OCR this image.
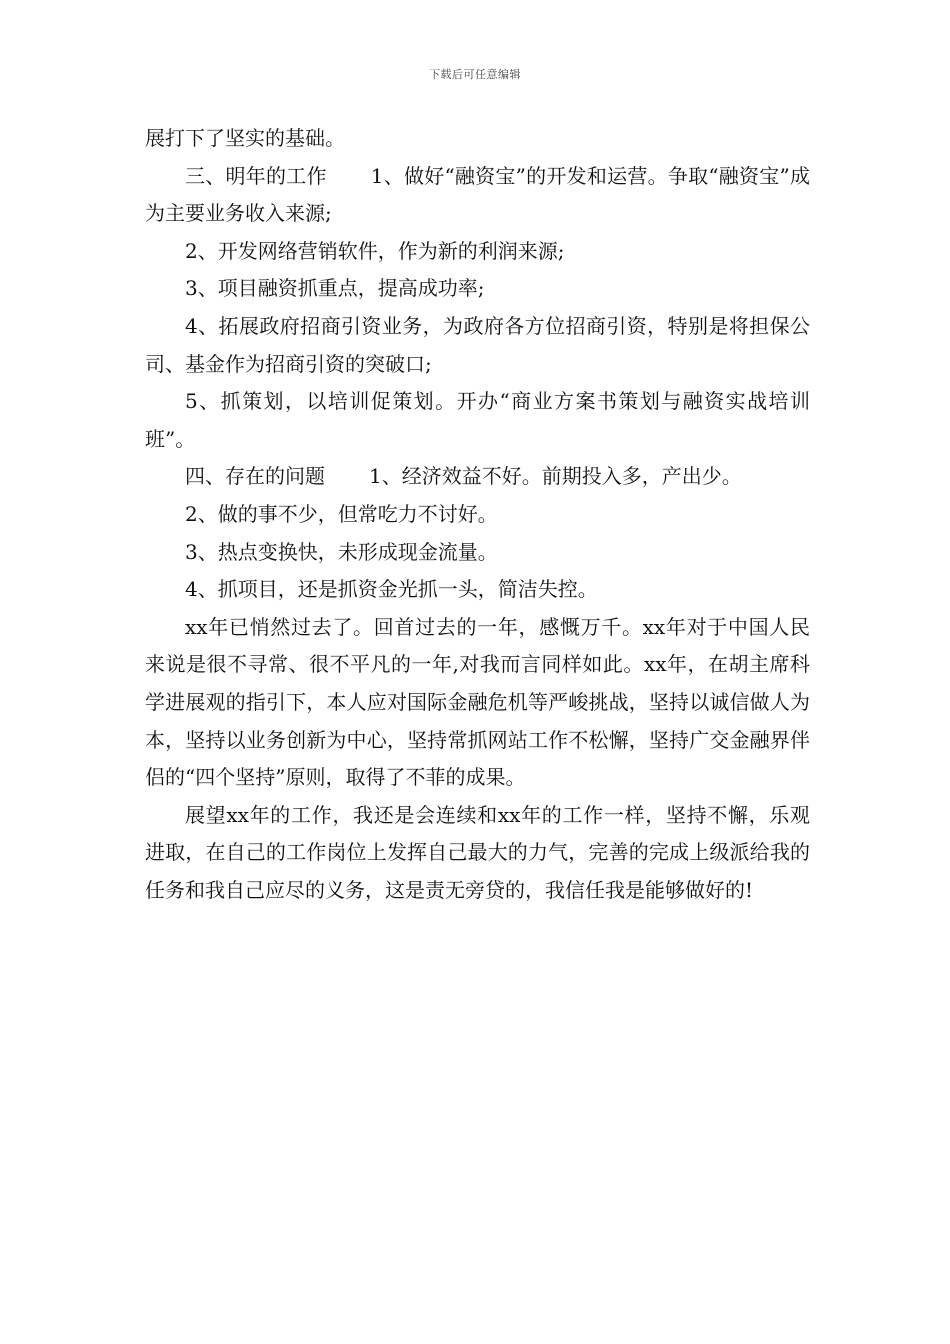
下载后可任意编辑

展打下了坚实的基础。

三、明年的工作 1、做好“融资宝”的开发和运营。争取“融资宝”成为主要业务收入来源;

2、开发网络营销软件，作为新的利润来源;

3、项目融资抓重点，提高成功率;

4、拓展政府招商引资业务，为政府各方位招商引资，特别是将担保公司、基金作为招商引资的突破口;

5、抓策划，以培训促策划。开办“商业方案书策划与融资实战培训班”。

四、存在的问题 1、经济效益不好。前期投入多，产出少。

2、做的事不少，但常吃力不讨好。

3、热点变换快，未形成现金流量。

4、抓项目，还是抓资金光抓一头，简洁失控。

xx年已悄然过去了。回首过去的一年，感慨万千。xx年对于中国人民来说是很不寻常、很不平凡的一年,对我而言同样如此。xx年，在胡主席科学进展观的指引下，本人应对国际金融危机等严峻挑战，坚持以诚信做人为本，坚持以业务创新为中心，坚持常抓网站工作不松懈，坚持广交金融界伴侣的“四个坚持”原则，取得了不菲的成果。

展望xx年的工作，我还是会连续和xx年的工作一样，坚持不懈，乐观进取，在自己的工作岗位上发挥自己最大的力气，完善的完成上级派给我的任务和我自己应尽的义务，这是责无旁贷的，我信任我是能够做好的!
